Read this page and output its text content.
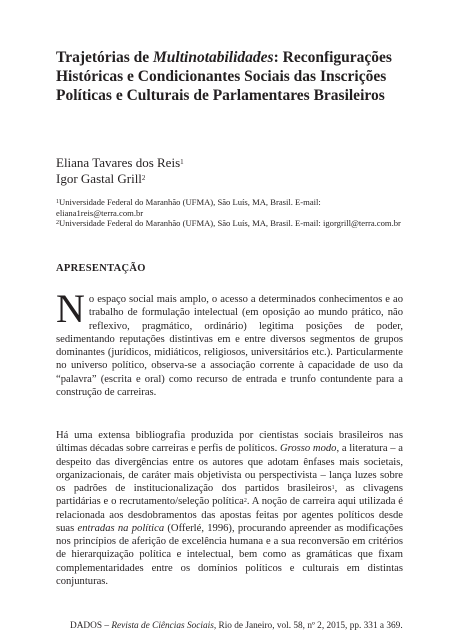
Trajetórias de Multinotabilidades: Reconfigurações Históricas e Condicionantes Sociais das Inscrições Políticas e Culturais de Parlamentares Brasileiros
Eliana Tavares dos Reis$^1$
Igor Gastal Grill$^2$
$^1$Universidade Federal do Maranhão (UFMA), São Luís, MA, Brasil. E-mail: eliana1reis@terra.com.br
$^2$Universidade Federal do Maranhão (UFMA), São Luís, MA, Brasil. E-mail: igorgrill@terra.com.br
APRESENTAÇÃO

No espaço social mais amplo, o acesso a determinados conhecimentos e ao trabalho de formulação intelectual (em oposição ao mundo prático, não reflexivo, pragmático, ordinário) legitima posições de poder, sedimentando reputações distintivas em e entre diversos segmentos de grupos dominantes (jurídicos, midiáticos, religiosos, universitários etc.). Particularmente no universo político, observa-se a associação corrente à capacidade de uso da “palavra” (escrita e oral) como recurso de entrada e trunfo contundente para a construção de carreiras.

Há uma extensa bibliografia produzida por cientistas sociais brasileiros nas últimas décadas sobre carreiras e perfis de políticos. Grosso modo, a literatura – a despeito das divergências entre os autores que adotam ênfases mais societais, organizacionais, de caráter mais objetivista ou perspectivista – lança luzes sobre os padrões de institucionalização dos partidos brasileiros$^1$, as clivagens partidárias e o recrutamento/seleção política$^2$. A noção de carreira aqui utilizada é relacionada aos desdobramentos das apostas feitas por agentes políticos desde suas entradas na política (Offerlé, 1996), procurando apreender as modificações nos princípios de aferição de excelência humana e a sua reconversão em critérios de hierarquização política e intelectual, bem como as gramáticas que fixam complementaridades entre os domínios políticos e culturais em distintas conjunturas.

DADOS – Revista de Ciências Sociais, Rio de Janeiro, vol. 58, nº 2, 2015, pp. 331 a 369.
